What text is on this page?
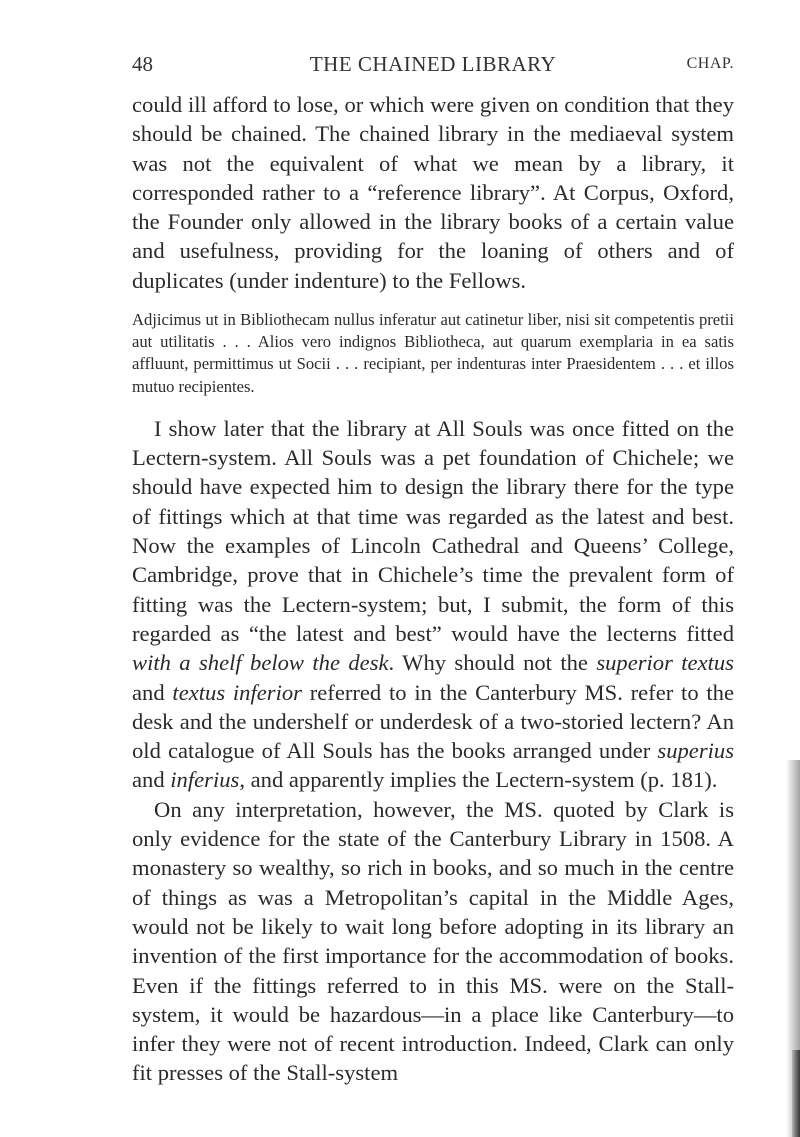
48	THE CHAINED LIBRARY	CHAP.

could ill afford to lose, or which were given on condition that they should be chained. The chained library in the mediaeval system was not the equivalent of what we mean by a library, it corresponded rather to a “reference library”. At Corpus, Oxford, the Founder only allowed in the library books of a certain value and usefulness, providing for the loaning of others and of duplicates (under indenture) to the Fellows.

Adjicimus ut in Bibliothecam nullus inferatur aut catinetur liber, nisi sit competentis pretii aut utilitatis . . . Alios vero indignos Bibliotheca, aut quarum exemplaria in ea satis affluunt, permittimus ut Socii . . . recipiant, per indenturas inter Praesidentem . . . et illos mutuo recipientes.

I show later that the library at All Souls was once fitted on the Lectern-system. All Souls was a pet foundation of Chichele; we should have expected him to design the library there for the type of fittings which at that time was regarded as the latest and best. Now the examples of Lincoln Cathedral and Queens’ College, Cambridge, prove that in Chichele’s time the prevalent form of fitting was the Lectern-system; but, I submit, the form of this regarded as “the latest and best” would have the lecterns fitted with a shelf below the desk. Why should not the superior textus and textus inferior referred to in the Canterbury MS. refer to the desk and the undershelf or underdesk of a two-storied lectern? An old catalogue of All Souls has the books arranged under superius and inferius, and apparently implies the Lectern-system (p. 181).

On any interpretation, however, the MS. quoted by Clark is only evidence for the state of the Canterbury Library in 1508. A monastery so wealthy, so rich in books, and so much in the centre of things as was a Metropolitan’s capital in the Middle Ages, would not be likely to wait long before adopting in its library an invention of the first importance for the accommodation of books. Even if the fittings referred to in this MS. were on the Stall-system, it would be hazardous—in a place like Canterbury—to infer they were not of recent introduction. Indeed, Clark can only fit presses of the Stall-system
